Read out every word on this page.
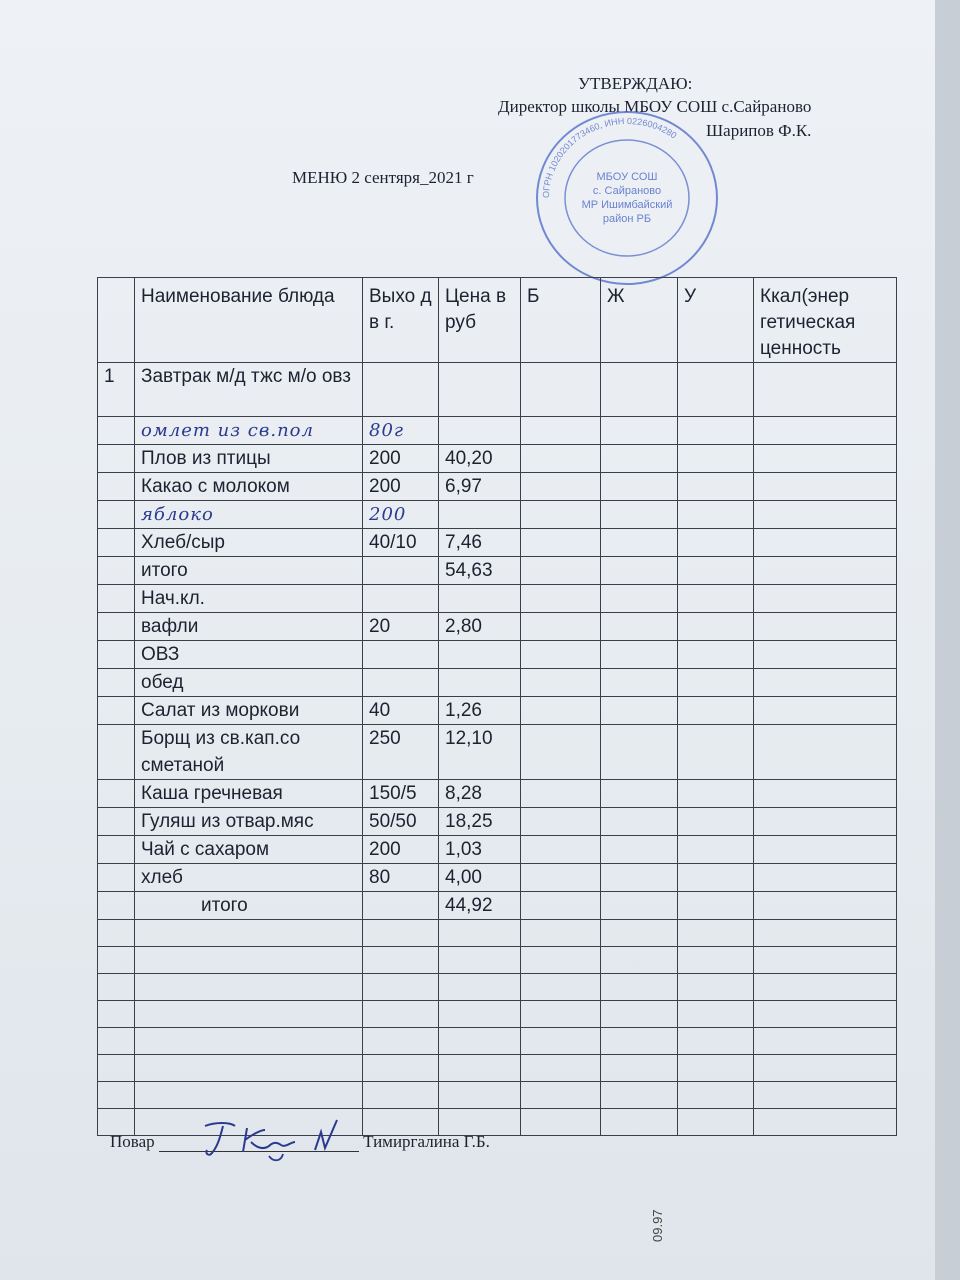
УТВЕРЖДАЮ:
Директор школы МБОУ СОШ с.Сайраново
Шарипов Ф.К.
ОГРН 1020201773460, ИНН 0226004280
МБОУ СОШ
с. Сайраново
МР Ишимбайский
район РБ
МЕНЮ 2 сентяря_2021 г
	Наименование блюда	Выхо д в г.	Цена в руб	Б	Ж	У	Ккал(энер гетическая ценность
1	Завтрак м/д тжс м/о овз						
	омлет из св.пол	80г					
	Плов из птицы	200	40,20				
	Какао с молоком	200	6,97				
	яблоко	200					
	Хлеб/сыр	40/10	7,46				
	итого		54,63				
	Нач.кл.						
	вафли	20	2,80				
	ОВЗ						
	обед						
	Салат из моркови	40	1,26				
	Борщ из св.кап.со сметаной	250	12,10				
	Каша гречневая	150/5	8,28				
	Гуляш из отвар.мяс	50/50	18,25				
	Чай с сахаром	200	1,03				
	хлеб	80	4,00				
	итого		44,92				

Повар	Тимиргалина Г.Б.
09.97
